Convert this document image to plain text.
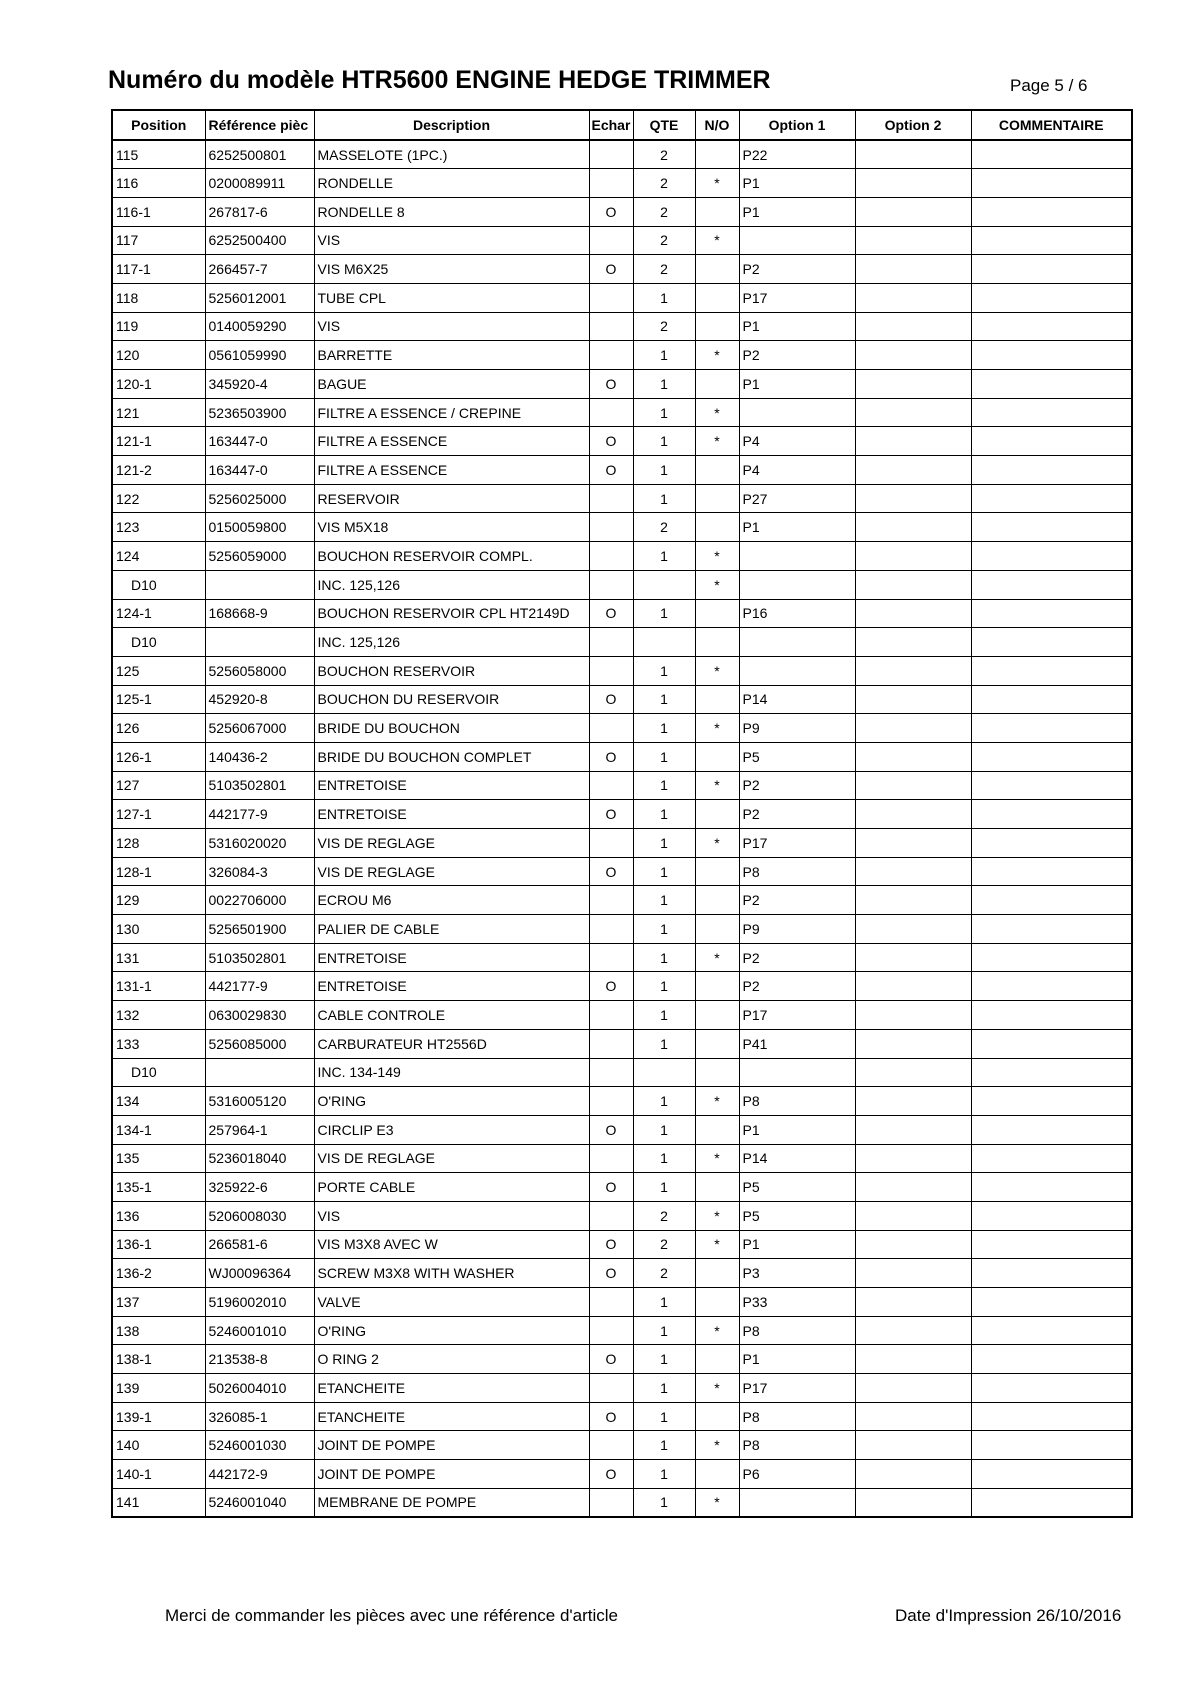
Numéro du modèle HTR5600 ENGINE HEDGE TRIMMER	Page 5 / 6
Position	Référence pièc	Description	Echar	QTE	N/O	Option 1	Option 2	COMMENTAIRE
115	6252500801	MASSELOTE (1PC.)		2		P22		
116	0200089911	RONDELLE		2	*	P1		
116-1	267817-6	RONDELLE 8	O	2		P1		
117	6252500400	VIS		2	*			
117-1	266457-7	VIS M6X25	O	2		P2		
118	5256012001	TUBE CPL		1		P17		
119	0140059290	VIS		2		P1		
120	0561059990	BARRETTE		1	*	P2		
120-1	345920-4	BAGUE	O	1		P1		
121	5236503900	FILTRE A ESSENCE / CREPINE		1	*			
121-1	163447-0	FILTRE A ESSENCE	O	1	*	P4		
121-2	163447-0	FILTRE A ESSENCE	O	1		P4		
122	5256025000	RESERVOIR		1		P27		
123	0150059800	VIS M5X18		2		P1		
124	5256059000	BOUCHON RESERVOIR COMPL.		1	*			
D10		INC. 125,126			*			
124-1	168668-9	BOUCHON RESERVOIR CPL HT2149D	O	1		P16		
D10		INC. 125,126						
125	5256058000	BOUCHON RESERVOIR		1	*			
125-1	452920-8	BOUCHON DU RESERVOIR	O	1		P14		
126	5256067000	BRIDE DU BOUCHON		1	*	P9		
126-1	140436-2	BRIDE DU BOUCHON COMPLET	O	1		P5		
127	5103502801	ENTRETOISE		1	*	P2		
127-1	442177-9	ENTRETOISE	O	1		P2		
128	5316020020	VIS DE REGLAGE		1	*	P17		
128-1	326084-3	VIS DE REGLAGE	O	1		P8		
129	0022706000	ECROU M6		1		P2		
130	5256501900	PALIER DE CABLE		1		P9		
131	5103502801	ENTRETOISE		1	*	P2		
131-1	442177-9	ENTRETOISE	O	1		P2		
132	0630029830	CABLE CONTROLE		1		P17		
133	5256085000	CARBURATEUR HT2556D		1		P41		
D10		INC. 134-149						
134	5316005120	O'RING		1	*	P8		
134-1	257964-1	CIRCLIP E3	O	1		P1		
135	5236018040	VIS DE REGLAGE		1	*	P14		
135-1	325922-6	PORTE CABLE	O	1		P5		
136	5206008030	VIS		2	*	P5		
136-1	266581-6	VIS M3X8 AVEC W	O	2	*	P1		
136-2	WJ00096364	SCREW M3X8 WITH WASHER	O	2		P3		
137	5196002010	VALVE		1		P33		
138	5246001010	O'RING		1	*	P8		
138-1	213538-8	O RING 2	O	1		P1		
139	5026004010	ETANCHEITE		1	*	P17		
139-1	326085-1	ETANCHEITE	O	1		P8		
140	5246001030	JOINT DE POMPE		1	*	P8		
140-1	442172-9	JOINT DE POMPE	O	1		P6		
141	5246001040	MEMBRANE DE POMPE		1	*			
Merci de commander les pièces avec une référence d'article	Date d'Impression 26/10/2016
